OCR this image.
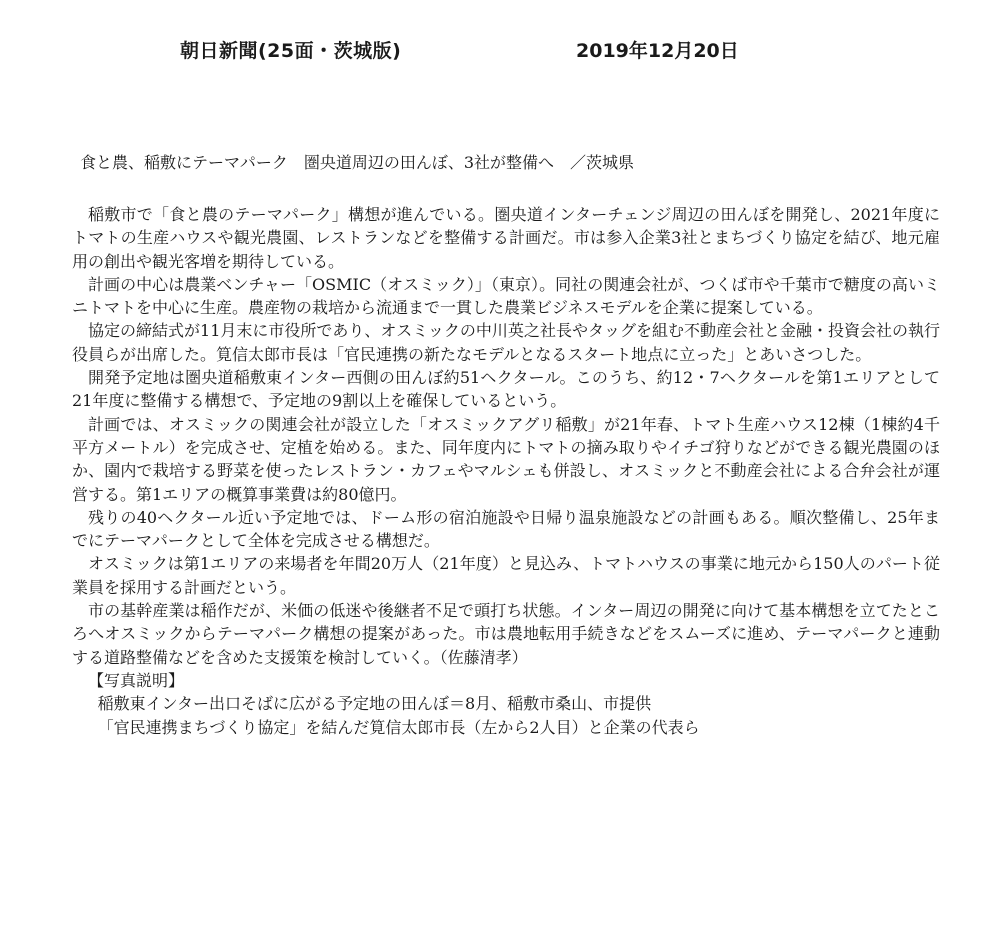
朝日新聞(25面・茨城版)	2019年12月20日
食と農、稲敷にテーマパーク　圏央道周辺の田んぼ、3社が整備へ　／茨城県

稲敷市で「食と農のテーマパーク」構想が進んでいる。圏央道インターチェンジ周辺の田んぼを開発し、2021年度にトマトの生産ハウスや観光農園、レストランなどを整備する計画だ。市は参入企業3社とまちづくり協定を結び、地元雇用の創出や観光客増を期待している。

計画の中心は農業ベンチャー「OSMIC（オスミック）」（東京）。同社の関連会社が、つくば市や千葉市で糖度の高いミニトマトを中心に生産。農産物の栽培から流通まで一貫した農業ビジネスモデルを企業に提案している。

協定の締結式が11月末に市役所であり、オスミックの中川英之社長やタッグを組む不動産会社と金融・投資会社の執行役員らが出席した。筧信太郎市長は「官民連携の新たなモデルとなるスタート地点に立った」とあいさつした。

開発予定地は圏央道稲敷東インター西側の田んぼ約51ヘクタール。このうち、約12・7ヘクタールを第1エリアとして21年度に整備する構想で、予定地の9割以上を確保しているという。

計画では、オスミックの関連会社が設立した「オスミックアグリ稲敷」が21年春、トマト生産ハウス12棟（1棟約4千平方メートル）を完成させ、定植を始める。また、同年度内にトマトの摘み取りやイチゴ狩りなどができる観光農園のほか、園内で栽培する野菜を使ったレストラン・カフェやマルシェも併設し、オスミックと不動産会社による合弁会社が運営する。第1エリアの概算事業費は約80億円。

残りの40ヘクタール近い予定地では、ドーム形の宿泊施設や日帰り温泉施設などの計画もある。順次整備し、25年までにテーマパークとして全体を完成させる構想だ。

オスミックは第1エリアの来場者を年間20万人（21年度）と見込み、トマトハウスの事業に地元から150人のパート従業員を採用する計画だという。

市の基幹産業は稲作だが、米価の低迷や後継者不足で頭打ち状態。インター周辺の開発に向けて基本構想を立てたところへオスミックからテーマパーク構想の提案があった。市は農地転用手続きなどをスムーズに進め、テーマパークと連動する道路整備などを含めた支援策を検討していく。（佐藤清孝）

【写真説明】

稲敷東インター出口そばに広がる予定地の田んぼ＝8月、稲敷市桑山、市提供

「官民連携まちづくり協定」を結んだ筧信太郎市長（左から2人目）と企業の代表ら
